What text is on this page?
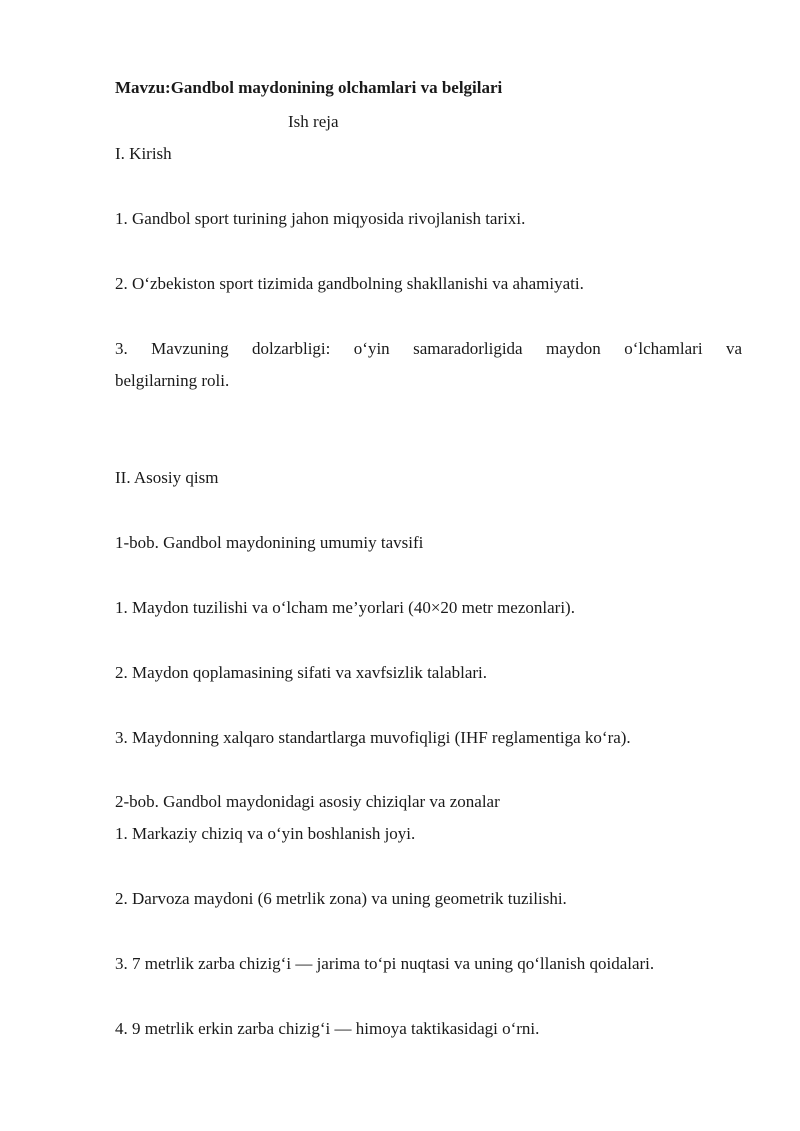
Mavzu:Gandbol maydonining olchamlari va belgilari
Ish reja
I. Kirish
1. Gandbol sport turining jahon miqyosida rivojlanish tarixi.
2. O‘zbekiston sport tizimida gandbolning shakllanishi va ahamiyati.
3. Mavzuning dolzarbligi: o‘yin samaradorligida maydon o‘lchamlari va
belgilarning roli.
II. Asosiy qism
1-bob. Gandbol maydonining umumiy tavsifi
1. Maydon tuzilishi va o‘lcham me’yorlari (40×20 metr mezonlari).
2. Maydon qoplamasining sifati va xavfsizlik talablari.
3. Maydonning xalqaro standartlarga muvofiqligi (IHF reglamentiga ko‘ra).
2-bob. Gandbol maydonidagi asosiy chiziqlar va zonalar
1. Markaziy chiziq va o‘yin boshlanish joyi.
2. Darvoza maydoni (6 metrlik zona) va uning geometrik tuzilishi.
3. 7 metrlik zarba chizig‘i — jarima to‘pi nuqtasi va uning qo‘llanish qoidalari.
4. 9 metrlik erkin zarba chizig‘i — himoya taktikasidagi o‘rni.
